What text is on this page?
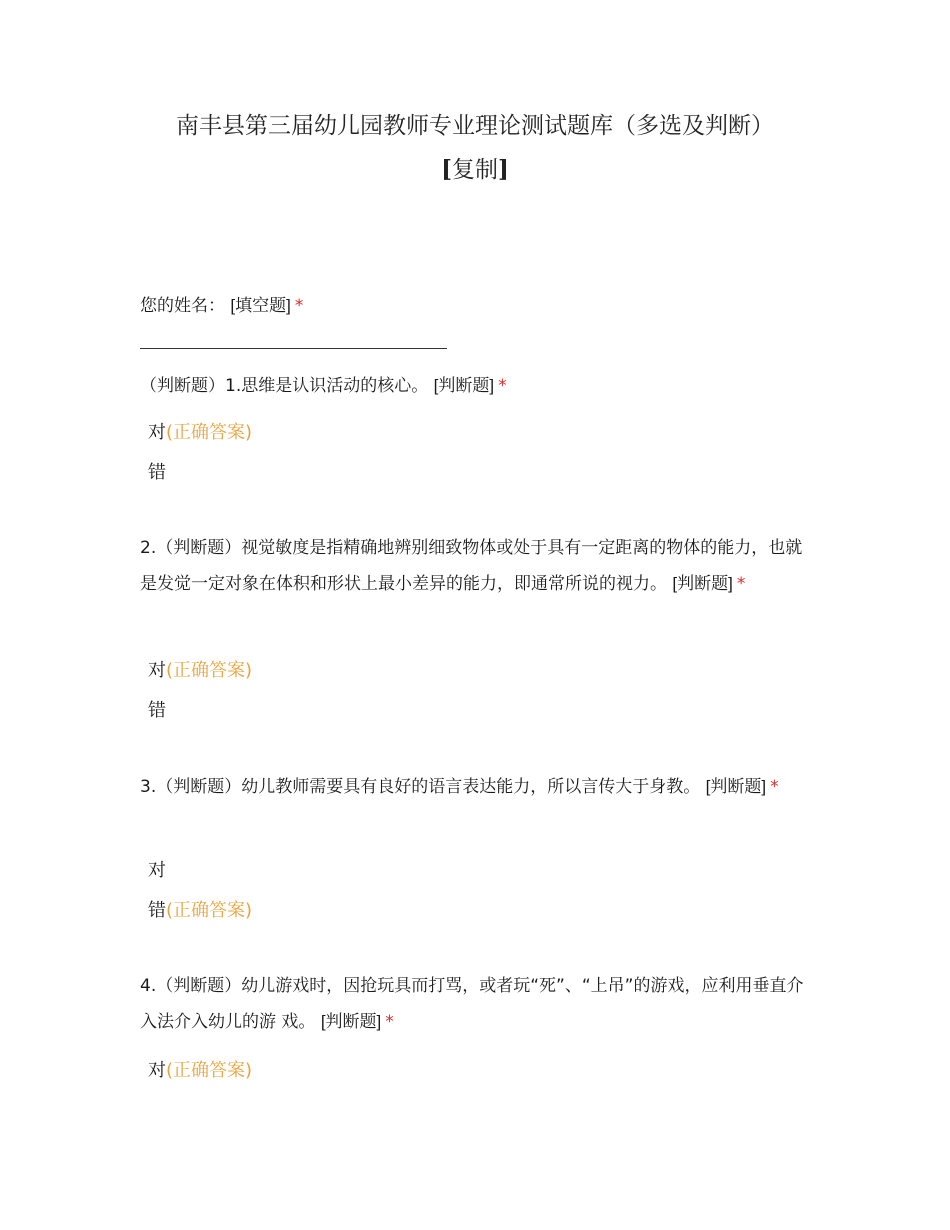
南丰县第三届幼儿园教师专业理论测试题库（多选及判断）
[复制]
您的姓名： [填空题] *
（判断题）1.思维是认识活动的核心。 [判断题] *
对(正确答案)
错
2.（判断题）视觉敏度是指精确地辨别细致物体或处于具有一定距离的物体的能力，也就是发觉一定对象在体积和形状上最小差异的能力，即通常所说的视力。 [判断题] *
对(正确答案)
错
3.（判断题）幼儿教师需要具有良好的语言表达能力，所以言传大于身教。 [判断题] *
对
错(正确答案)
4.（判断题）幼儿游戏时，因抢玩具而打骂，或者玩“死”、“上吊”的游戏，应利用垂直介入法介入幼儿的游 戏。 [判断题] *
对(正确答案)
